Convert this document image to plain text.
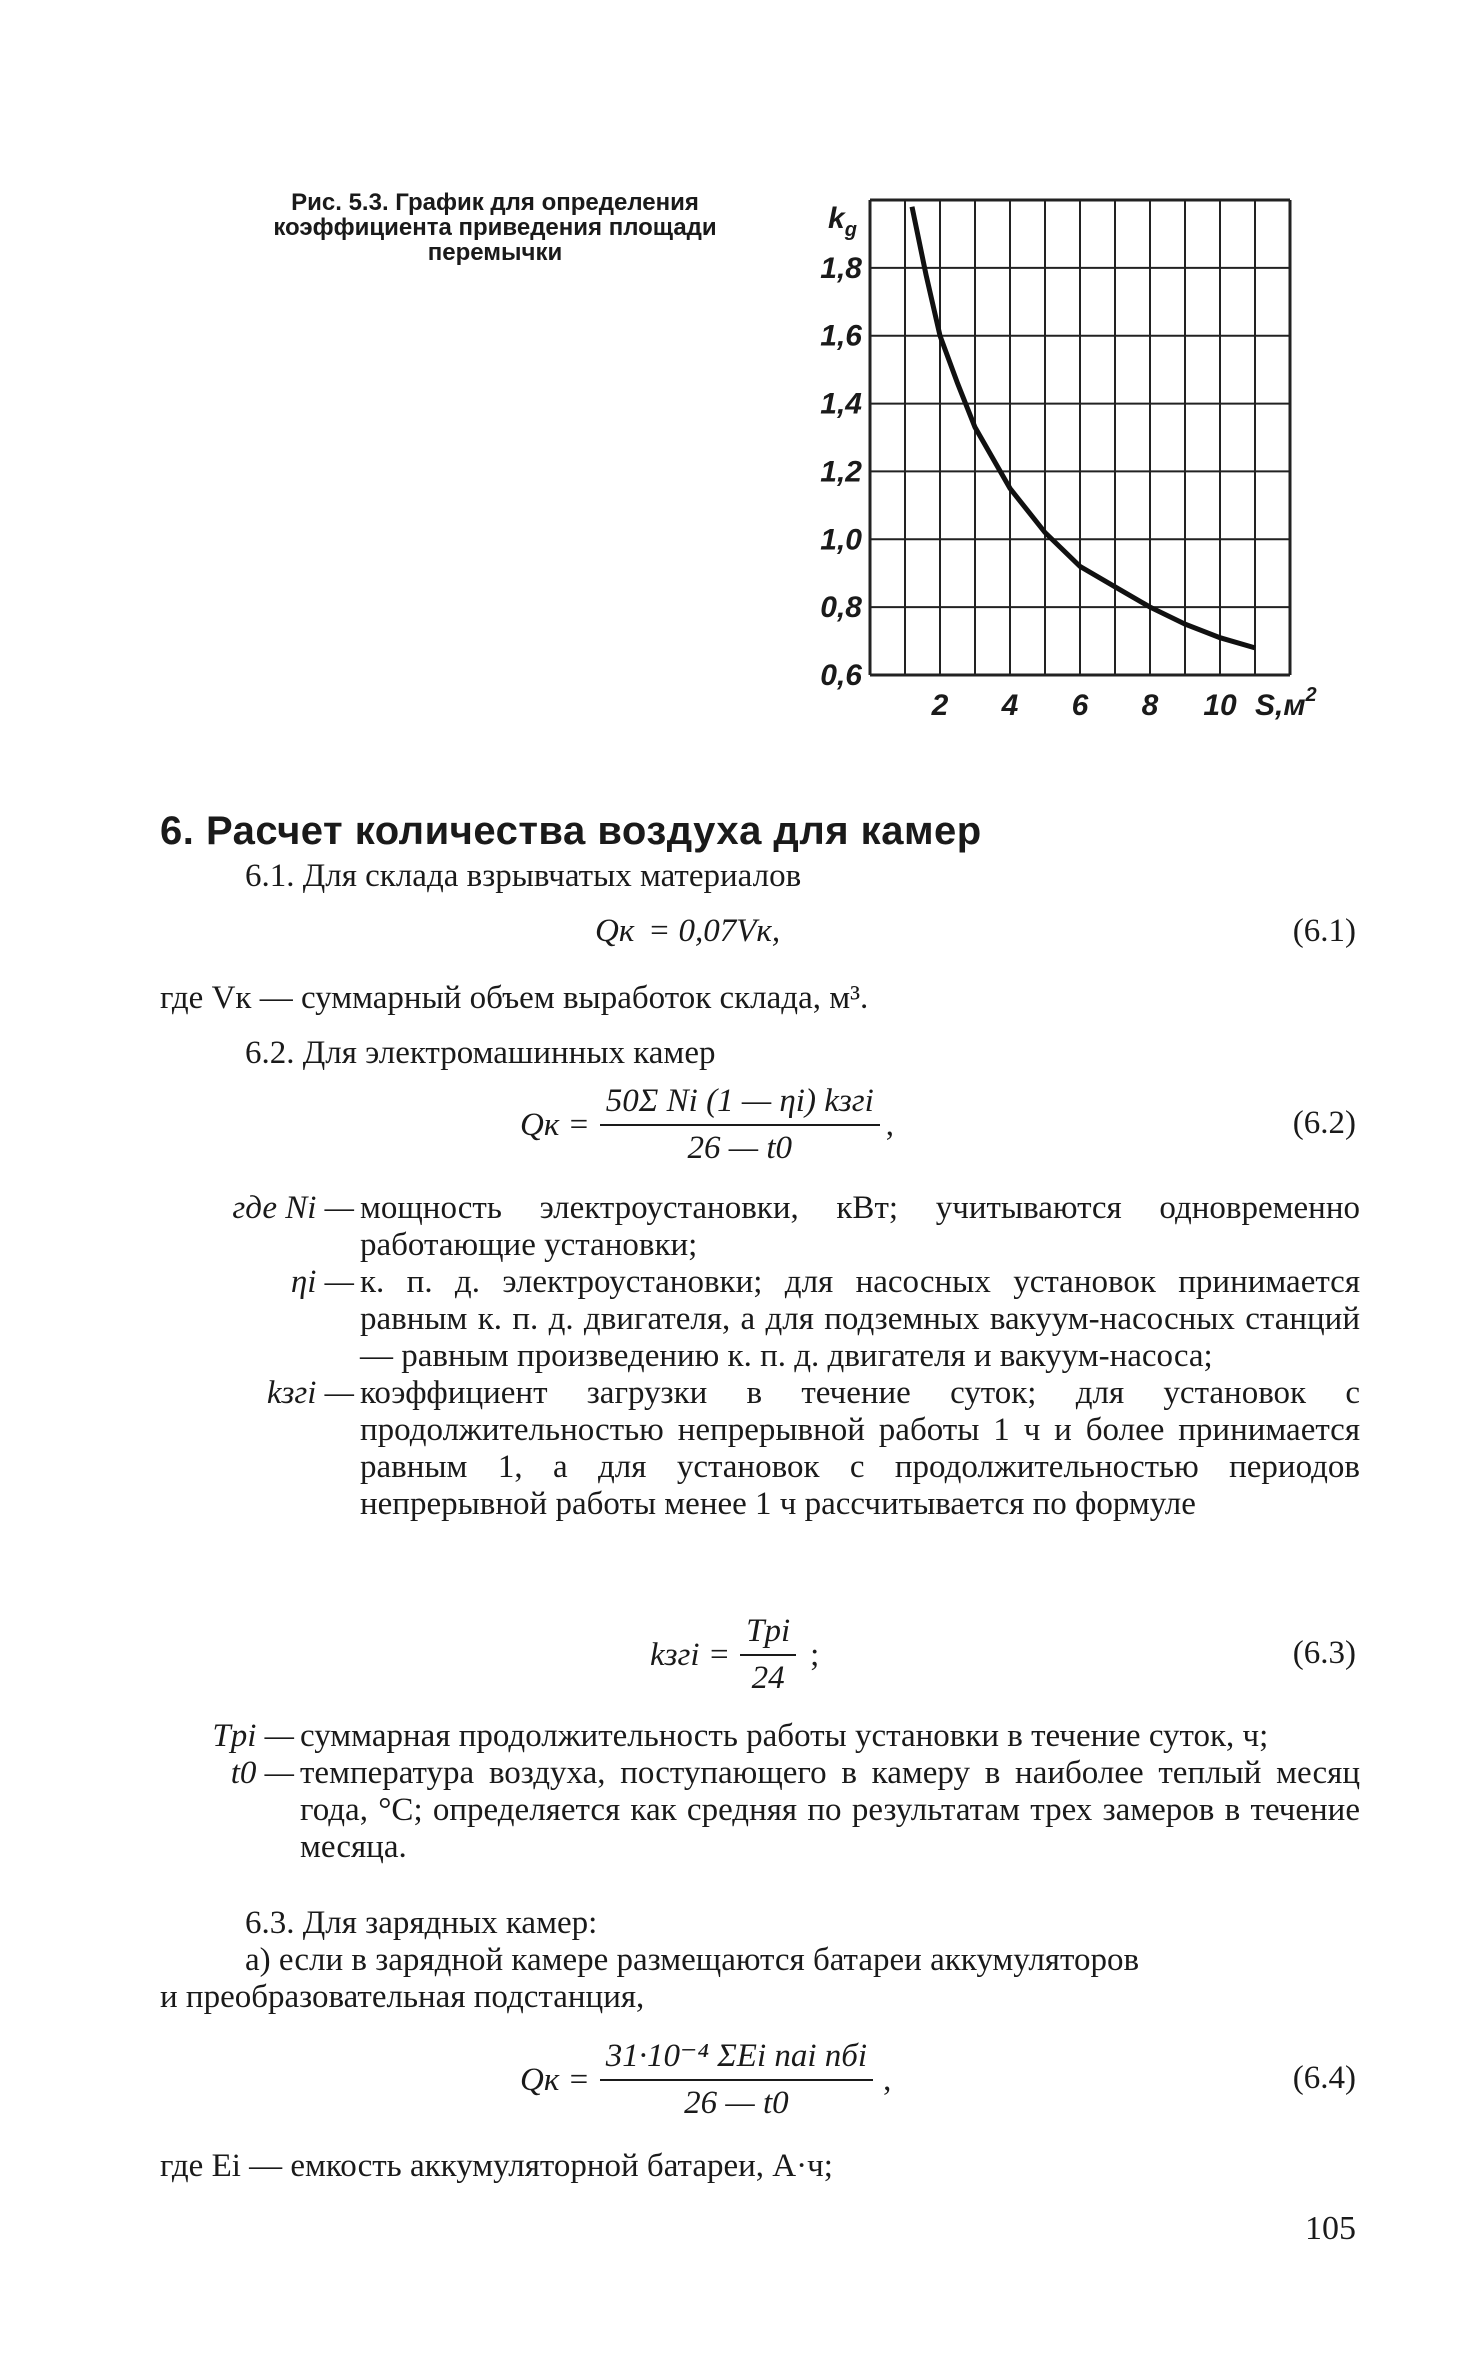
Рис. 5.3. График для определения коэффициента приведения площади перемычки

0,6
0,8
1,0
1,2
1,4
1,6
1,8
2 4 6 8 10
$k_g$
$S,м^2$
6. Расчет количества воздуха для камер

6.1. Для склада взрывчатых материалов

Qк = 0,07Vк,	(6.1)

где Vк — суммарный объем выработок склада, м³.

6.2. Для электромашинных камер

Qк = $\frac{\text{50Σ Ni (1 — ηi) kзгi}}{26 — t0}$ ,	(6.2)
где Ni — мощность электроустановки, кВт; учитываются одновременно работающие установки;
ηi — к. п. д. электроустановки; для насосных установок принимается равным к. п. д. двигателя, а для подземных вакуум-насосных станций — равным произведению к. п. д. двигателя и вакуум-насоса;
kзгi — коэффициент загрузки в течение суток; для установок с продолжительностью непрерывной работы 1 ч и более принимается равным 1, а для установок с продолжительностью периодов непрерывной работы менее 1 ч рассчитывается по формуле
kзгi = $\frac{\text{Tpi}}{24}$ ;	(6.3)
Tpi — суммарная продолжительность работы установки в течение суток, ч;
t0 — температура воздуха, поступающего в камеру в наиболее теплый месяц года, °С; определяется как средняя по результатам трех замеров в течение месяца.

6.3. Для зарядных камер:

а) если в зарядной камере размещаются батареи аккумуляторов

и преобразовательная подстанция,

Qк = $\frac{\text{31·10⁻⁴ ΣEi nai nбi}}{26 — t0}$ ,	(6.4)

где Ei — емкость аккумуляторной батареи, А·ч;

105
